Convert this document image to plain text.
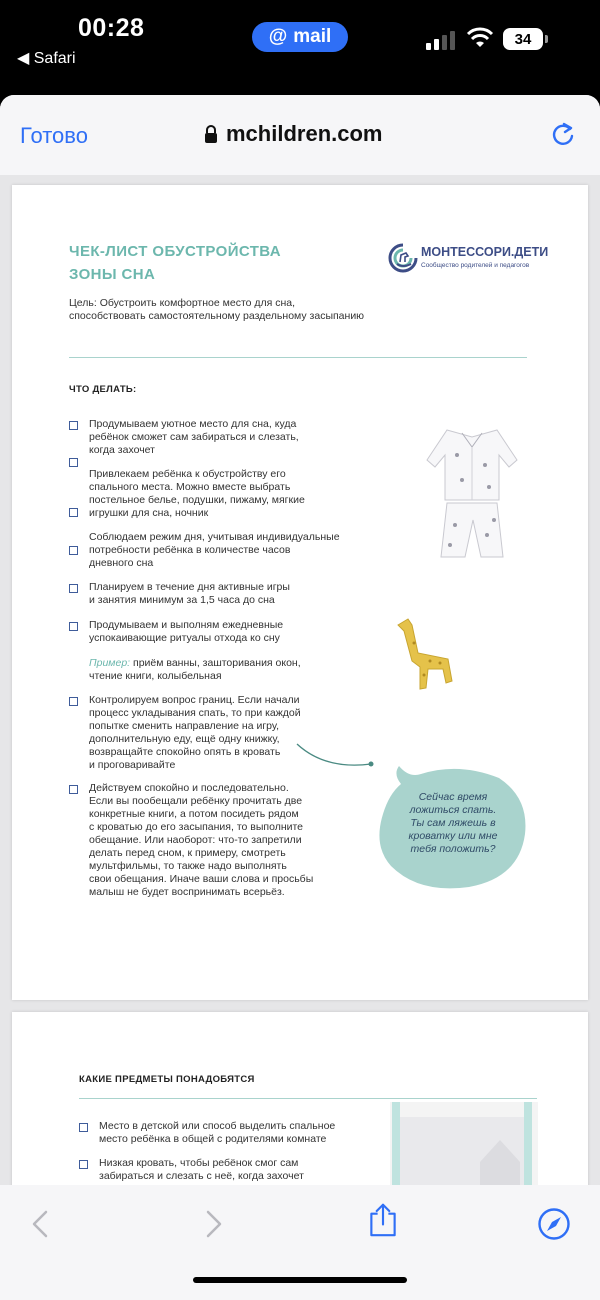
00:28
◀ Safari
@ mail	34
Готово	mchildren.com
ЧЕК-ЛИСТ ОБУСТРОЙСТВА
ЗОНЫ СНА
МОНТЕССОРИ.ДЕТИ
Сообщество родителей и педагогов
Цель: Обустроить комфортное место для сна,
способствовать самостоятельному раздельному засыпанию
ЧТО ДЕЛАТЬ:
Продумываем уютное место для сна, куда
ребёнок сможет сам забираться и слезать,
когда захочет
Привлекаем ребёнка к обустройству его
спального места. Можно вместе выбрать
постельное белье, подушки, пижаму, мягкие
игрушки для сна, ночник
Соблюдаем режим дня, учитывая индивидуальные
потребности ребёнка в количестве часов
дневного сна
Планируем в течение дня активные игры
и занятия минимум за 1,5 часа до сна
Продумываем и выполням ежедневные
успокаивающие ритуалы отхода ко сну
Пример: приём ванны, зашторивания окон,
чтение книги, колыбельная
Контролируем вопрос границ. Если начали
процесс укладывания спать, то при каждой
попытке сменить направление на игру,
дополнительную еду, ещё одну книжку,
возвращайте спокойно опять в кровать
и проговаривайте
Действуем спокойно и последовательно.
Если вы пообещали ребёнку прочитать две
конкретные книги, а потом посидеть рядом
с кроватью до его засыпания, то выполните
обещание. Или наоборот: что-то запретили
делать перед сном, к примеру, смотреть
мультфильмы, то также надо выполнять
свои обещания. Иначе ваши слова и просьбы
малыш не будет воспринимать всерьёз.
Сейчас время
ложиться спать.
Ты сам ляжешь в
кроватку или мне
тебя положить?
КАКИЕ ПРЕДМЕТЫ ПОНАДОБЯТСЯ
Место в детской или способ выделить спальное
место ребёнка в общей с родителями комнате
Низкая кровать, чтобы ребёнок смог сам
забираться и слезать с неё, когда захочет
